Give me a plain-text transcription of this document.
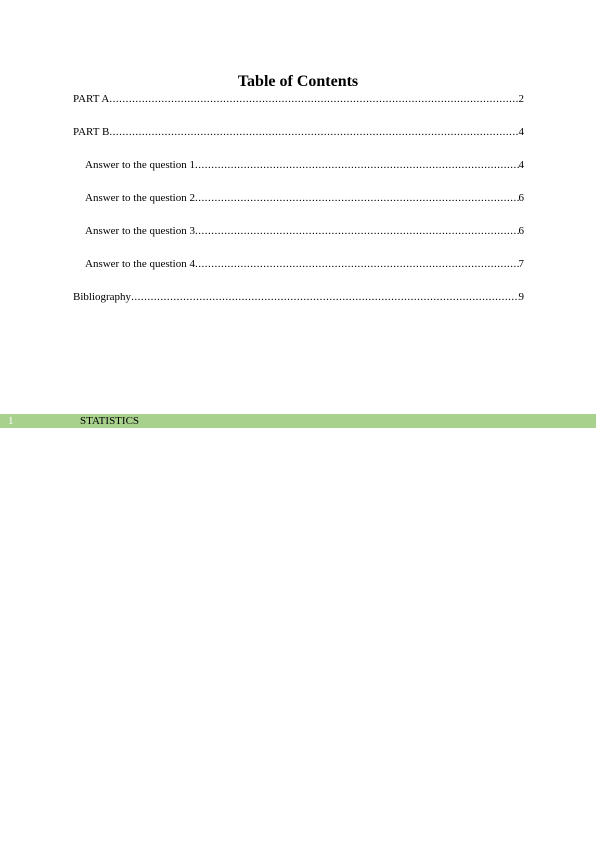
Table of Contents
PART A .....	2
PART B .....	4
Answer to the question 1 .....	4
Answer to the question 2 .....	6
Answer to the question 3 .....	6
Answer to the question 4 .....	7
Bibliography .....	9
1	STATISTICS
